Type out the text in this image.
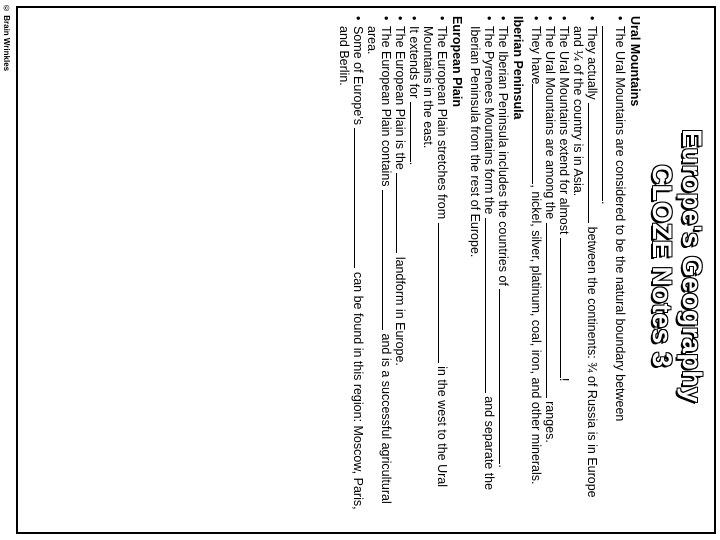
© Brain Wrinkles
Europe's Geography
CLOZE Notes 3
Ural Mountains
• The Ural Mountains are considered to be the natural boundary between .
• They actually  between the continents: ¾ of Russia is in Europe and ¼ of the country is in Asia.
• The Ural Mountains extend for almost !
• The Ural Mountains are among the  ranges.
• They have, nickel, silver, platinum, coal, iron, and other minerals.
Iberian Peninsula
• The Iberian Peninsula includes the countries of .
• The Pyrenees Mountains form the  and separate the Iberian Peninsula from the rest of Europe.
European Plain
• The European Plain stretches from  in the west to the Ural Mountains in the east.
• It extends for .
• The European Plain is the  landform in Europe.
• The European Plain contains  and is a successful agricultural area.
• Some of Europe's  can be found in this region: Moscow, Paris, and Berlin.
